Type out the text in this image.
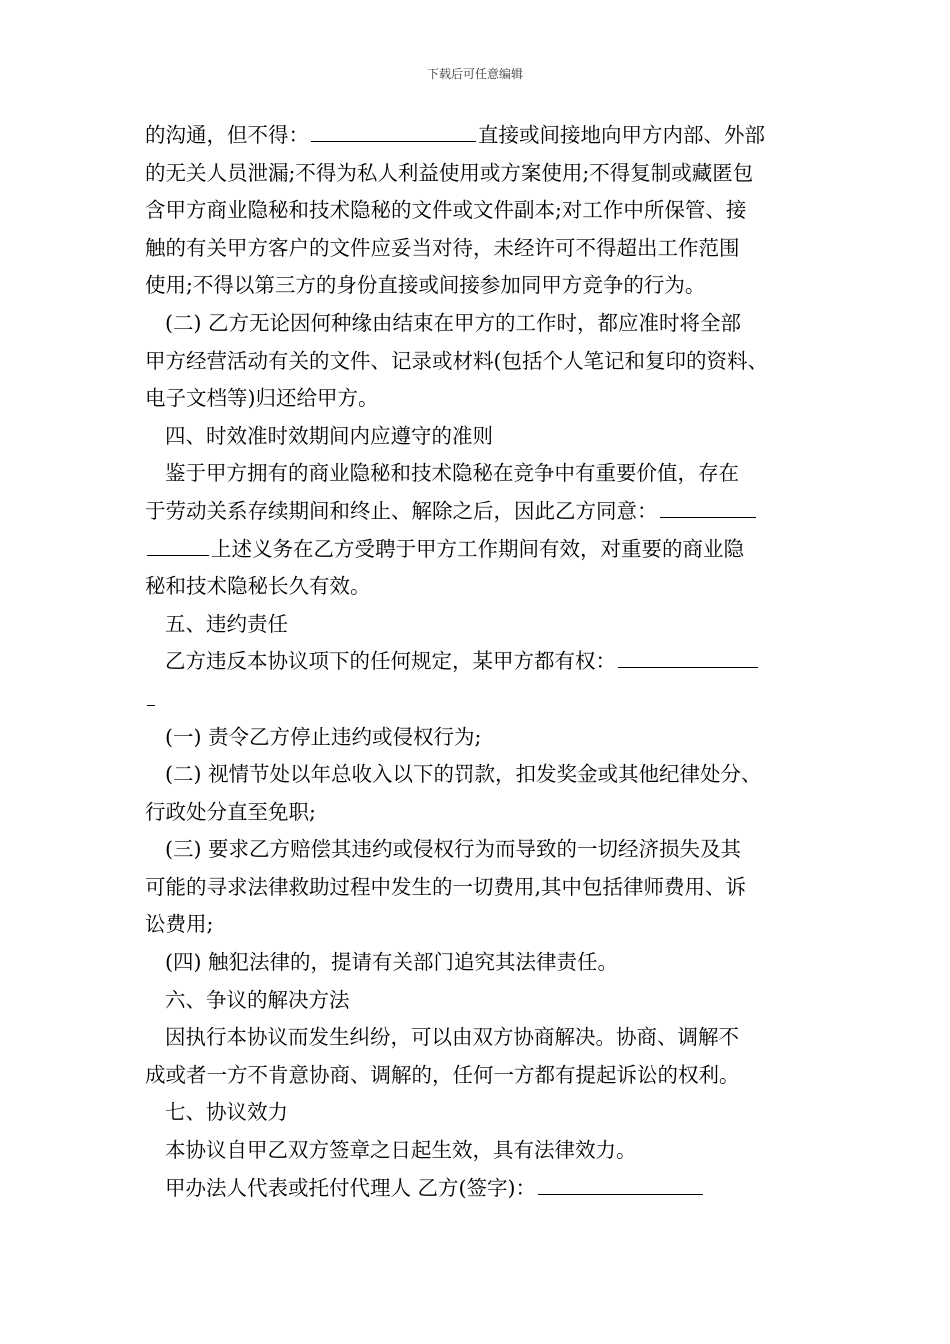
下载后可任意编辑
的沟通，但不得：	直接或间接地向甲方内部、外部
的无关人员泄漏;不得为私人利益使用或方案使用;不得复制或藏匿包
含甲方商业隐秘和技术隐秘的文件或文件副本;对工作中所保管、接
触的有关甲方客户的文件应妥当对待，未经许可不得超出工作范围
使用;不得以第三方的身份直接或间接参加同甲方竞争的行为。
(二) 乙方无论因何种缘由结束在甲方的工作时，都应准时将全部
甲方经营活动有关的文件、记录或材料(包括个人笔记和复印的资料、
电子文档等)归还给甲方。
四、时效准时效期间内应遵守的准则
鉴于甲方拥有的商业隐秘和技术隐秘在竞争中有重要价值，存在
于劳动关系存续期间和终止、解除之后，因此乙方同意：
上述义务在乙方受聘于甲方工作期间有效，对重要的商业隐
秘和技术隐秘长久有效。
五、违约责任
乙方违反本协议项下的任何规定，某甲方都有权：
(一) 责令乙方停止违约或侵权行为;
(二) 视情节处以年总收入以下的罚款，扣发奖金或其他纪律处分、
行政处分直至免职;
(三) 要求乙方赔偿其违约或侵权行为而导致的一切经济损失及其
可能的寻求法律救助过程中发生的一切费用,其中包括律师费用、诉
讼费用;
(四) 触犯法律的，提请有关部门追究其法律责任。
六、争议的解决方法
因执行本协议而发生纠纷，可以由双方协商解决。协商、调解不
成或者一方不肯意协商、调解的，任何一方都有提起诉讼的权利。
七、协议效力
本协议自甲乙双方签章之日起生效，具有法律效力。
甲办法人代表或托付代理人 乙方(签字)：
